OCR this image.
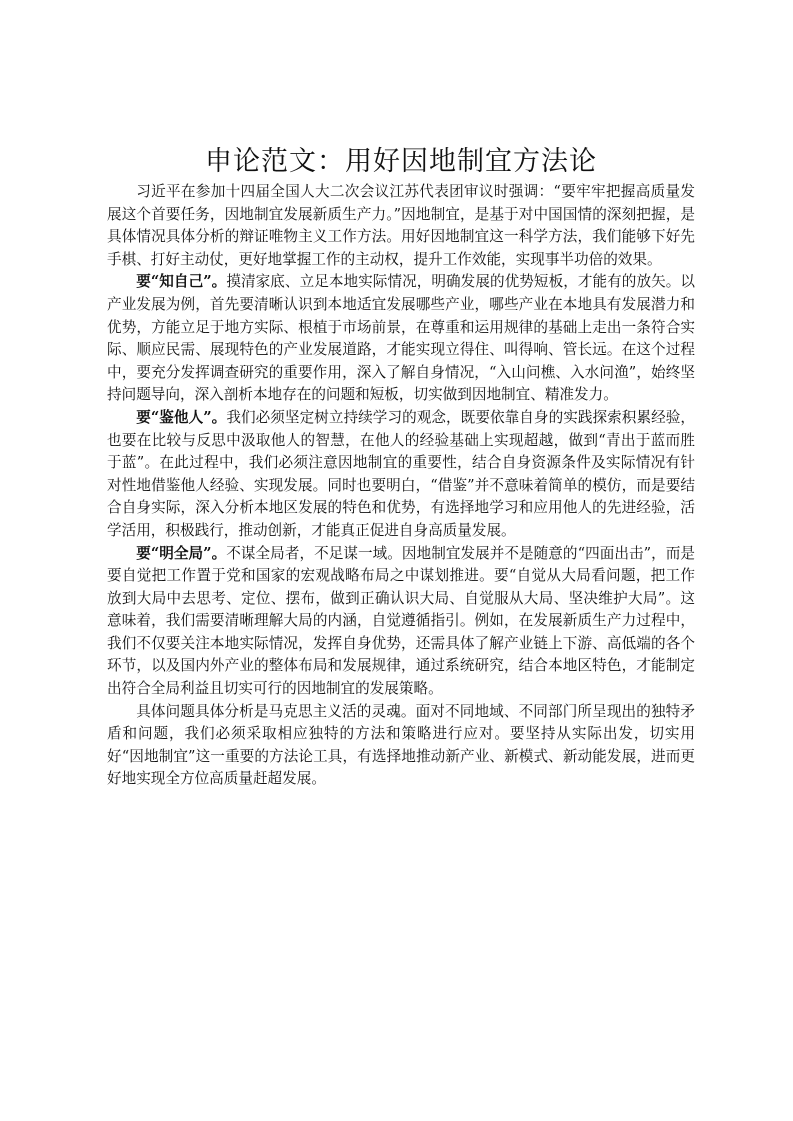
申论范文：用好因地制宜方法论

习近平在参加十四届全国人大二次会议江苏代表团审议时强调：“要牢牢把握高质量发展这个首要任务，因地制宜发展新质生产力。”因地制宜，是基于对中国国情的深刻把握，是具体情况具体分析的辩证唯物主义工作方法。用好因地制宜这一科学方法，我们能够下好先手棋、打好主动仗，更好地掌握工作的主动权，提升工作效能，实现事半功倍的效果。

要“知自己”。摸清家底、立足本地实际情况，明确发展的优势短板，才能有的放矢。以产业发展为例，首先要清晰认识到本地适宜发展哪些产业，哪些产业在本地具有发展潜力和优势，方能立足于地方实际、根植于市场前景，在尊重和运用规律的基础上走出一条符合实际、顺应民需、展现特色的产业发展道路，才能实现立得住、叫得响、管长远。在这个过程中，要充分发挥调查研究的重要作用，深入了解自身情况，“入山问樵、入水问渔”，始终坚持问题导向，深入剖析本地存在的问题和短板，切实做到因地制宜、精准发力。

要“鉴他人”。我们必须坚定树立持续学习的观念，既要依靠自身的实践探索积累经验，也要在比较与反思中汲取他人的智慧，在他人的经验基础上实现超越，做到“青出于蓝而胜于蓝”。在此过程中，我们必须注意因地制宜的重要性，结合自身资源条件及实际情况有针对性地借鉴他人经验、实现发展。同时也要明白，“借鉴”并不意味着简单的模仿，而是要结合自身实际，深入分析本地区发展的特色和优势，有选择地学习和应用他人的先进经验，活学活用，积极践行，推动创新，才能真正促进自身高质量发展。

要“明全局”。不谋全局者，不足谋一域。因地制宜发展并不是随意的“四面出击”，而是要自觉把工作置于党和国家的宏观战略布局之中谋划推进。要“自觉从大局看问题，把工作放到大局中去思考、定位、摆布，做到正确认识大局、自觉服从大局、坚决维护大局”。这意味着，我们需要清晰理解大局的内涵，自觉遵循指引。例如，在发展新质生产力过程中，我们不仅要关注本地实际情况，发挥自身优势，还需具体了解产业链上下游、高低端的各个环节，以及国内外产业的整体布局和发展规律，通过系统研究，结合本地区特色，才能制定出符合全局利益且切实可行的因地制宜的发展策略。

具体问题具体分析是马克思主义活的灵魂。面对不同地域、不同部门所呈现出的独特矛盾和问题，我们必须采取相应独特的方法和策略进行应对。要坚持从实际出发，切实用好“因地制宜”这一重要的方法论工具，有选择地推动新产业、新模式、新动能发展，进而更好地实现全方位高质量赶超发展。
